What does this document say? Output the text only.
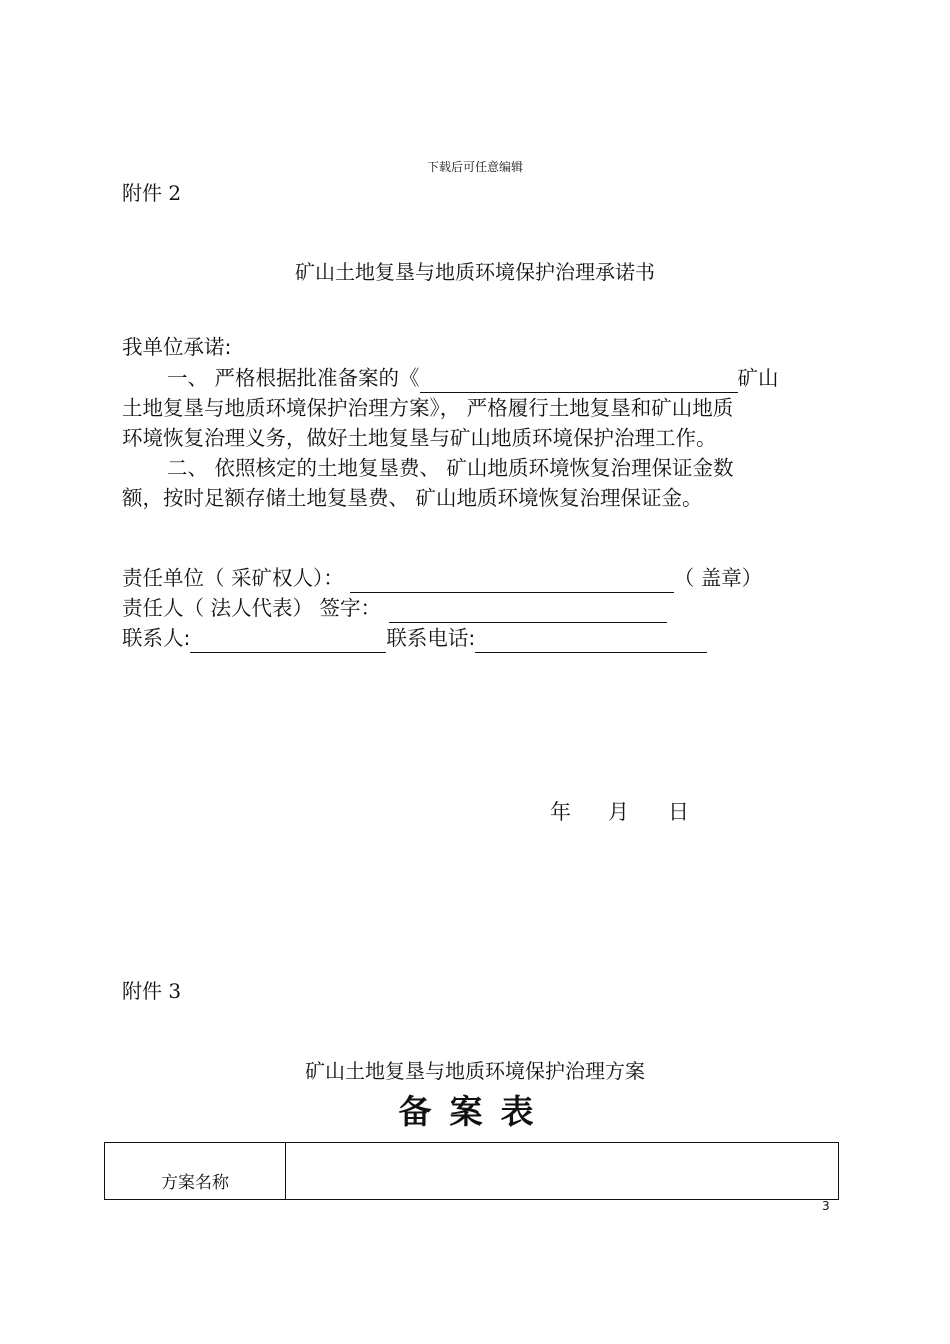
下载后可任意编辑
附件 2
矿山土地复垦与地质环境保护治理承诺书
我单位承诺:
一、 严格根据批准备案的《	矿山
土地复垦与地质环境保护治理方案》， 严格履行土地复垦和矿山地质
环境恢复治理义务，做好土地复垦与矿山地质环境保护治理工作。
二、 依照核定的土地复垦费、 矿山地质环境恢复治理保证金数
额，按时足额存储土地复垦费、 矿山地质环境恢复治理保证金。
责任单位（ 采矿权人）：	（ 盖章）
责任人（ 法人代表） 签字：
联系人:	联系电话:
年 月 日
附件 3
矿山土地复垦与地质环境保护治理方案
备案表
方案名称	
3
